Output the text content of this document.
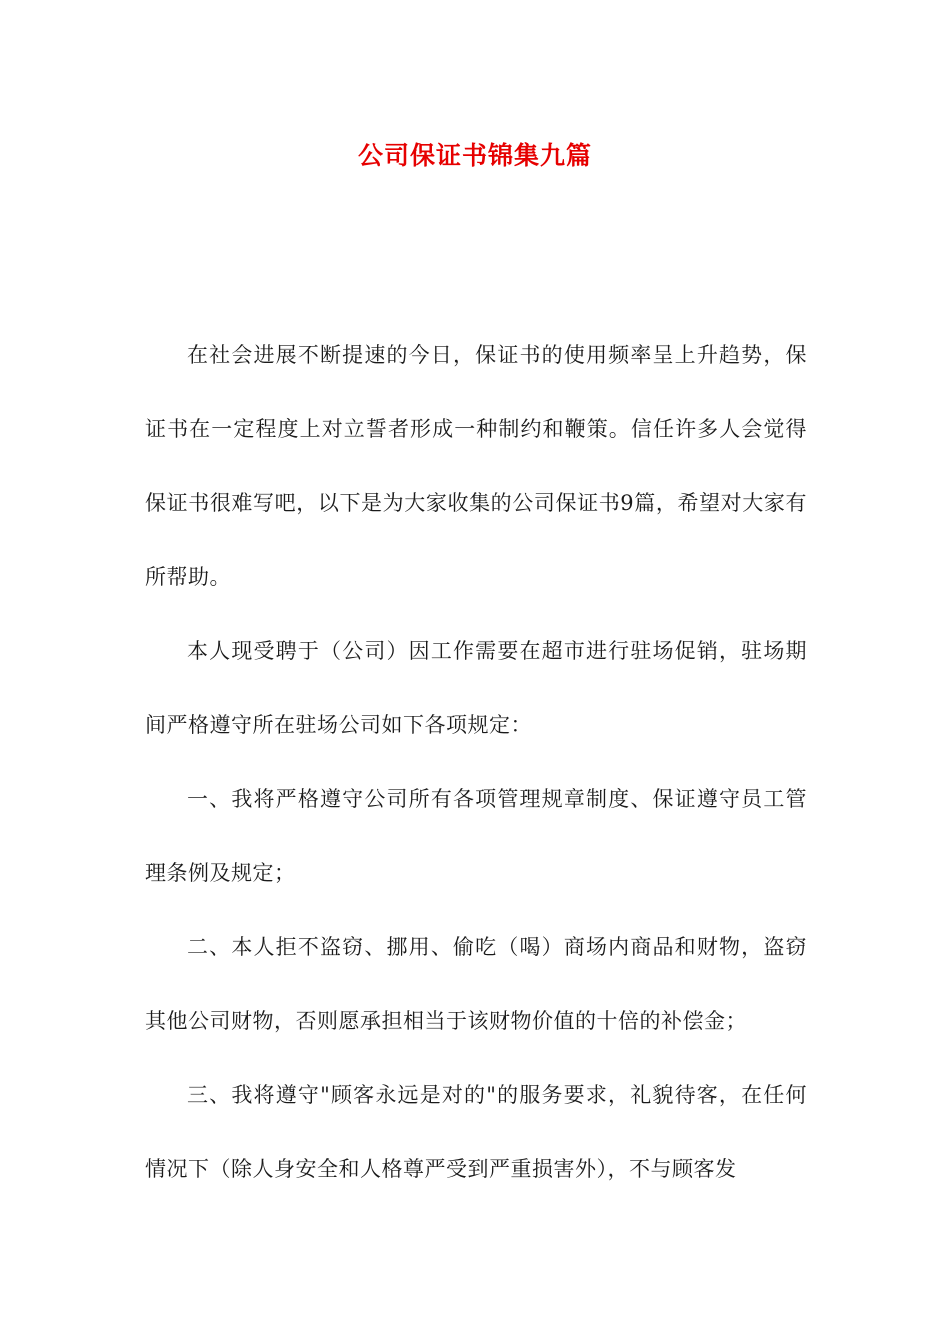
公司保证书锦集九篇

在社会进展不断提速的今日，保证书的使用频率呈上升趋势，保证书在一定程度上对立誓者形成一种制约和鞭策。信任许多人会觉得保证书很难写吧，以下是为大家收集的公司保证书9篇，希望对大家有所帮助。

本人现受聘于（公司）因工作需要在超市进行驻场促销，驻场期间严格遵守所在驻场公司如下各项规定：

一、我将严格遵守公司所有各项管理规章制度、保证遵守员工管理条例及规定；

二、本人拒不盗窃、挪用、偷吃（喝）商场内商品和财物，盗窃其他公司财物，否则愿承担相当于该财物价值的十倍的补偿金；

三、我将遵守"顾客永远是对的"的服务要求，礼貌待客，在任何情况下（除人身安全和人格尊严受到严重损害外），不与顾客发
